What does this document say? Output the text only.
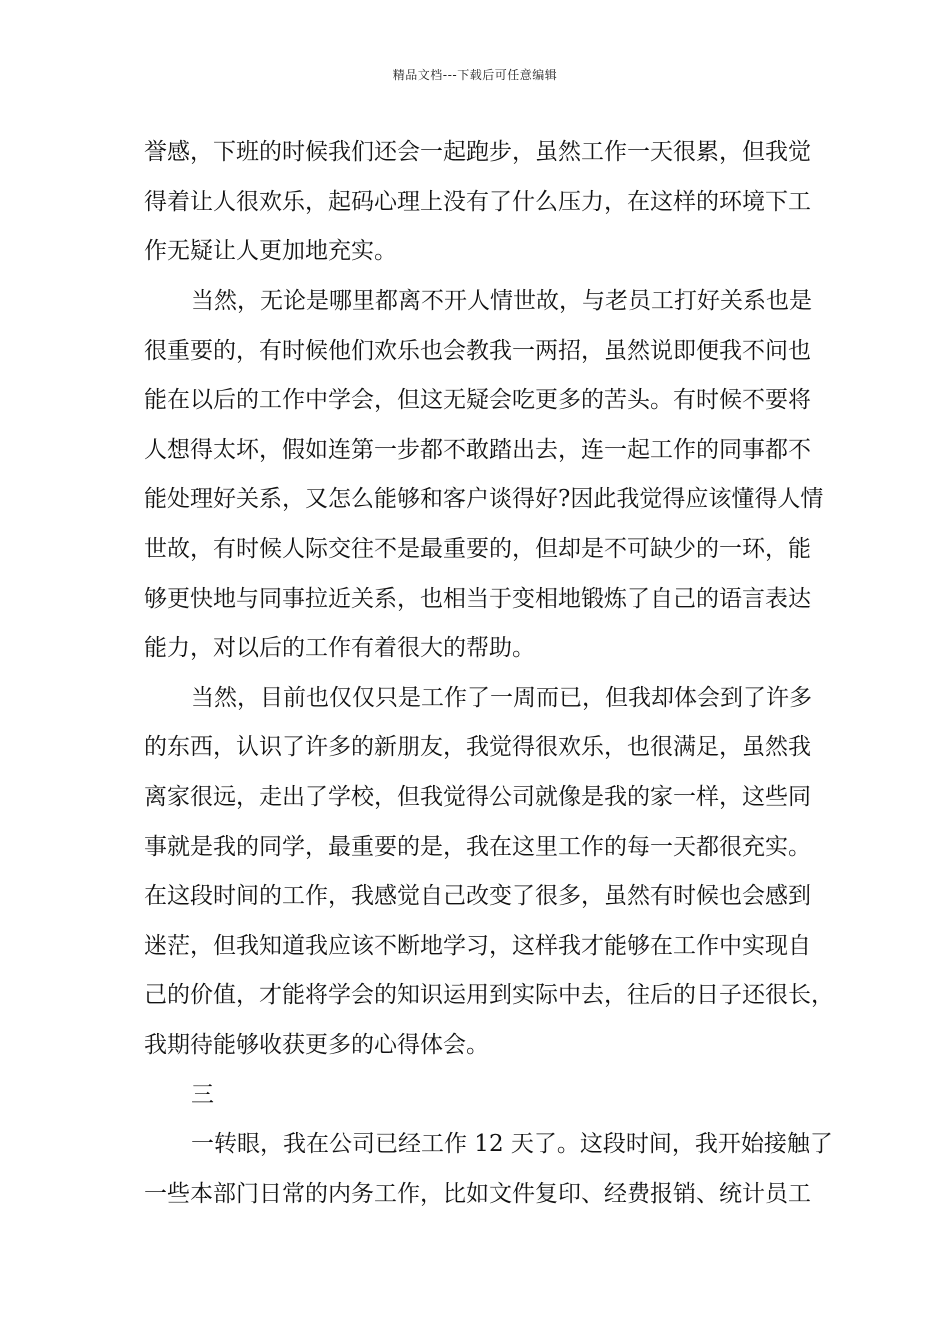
精品文档---下载后可任意编辑
誉感，下班的时候我们还会一起跑步，虽然工作一天很累，但我觉
得着让人很欢乐，起码心理上没有了什么压力，在这样的环境下工
作无疑让人更加地充实。
当然，无论是哪里都离不开人情世故，与老员工打好关系也是
很重要的，有时候他们欢乐也会教我一两招，虽然说即便我不问也
能在以后的工作中学会，但这无疑会吃更多的苦头。有时候不要将
人想得太坏，假如连第一步都不敢踏出去，连一起工作的同事都不
能处理好关系，又怎么能够和客户谈得好?因此我觉得应该懂得人情
世故，有时候人际交往不是最重要的，但却是不可缺少的一环，能
够更快地与同事拉近关系，也相当于变相地锻炼了自己的语言表达
能力，对以后的工作有着很大的帮助。
当然，目前也仅仅只是工作了一周而已，但我却体会到了许多
的东西，认识了许多的新朋友，我觉得很欢乐，也很满足，虽然我
离家很远，走出了学校，但我觉得公司就像是我的家一样，这些同
事就是我的同学，最重要的是，我在这里工作的每一天都很充实。
在这段时间的工作，我感觉自己改变了很多，虽然有时候也会感到
迷茫，但我知道我应该不断地学习，这样我才能够在工作中实现自
己的价值，才能将学会的知识运用到实际中去，往后的日子还很长，
我期待能够收获更多的心得体会。
三
一转眼，我在公司已经工作 12 天了。这段时间，我开始接触了
一些本部门日常的内务工作，比如文件复印、经费报销、统计员工
